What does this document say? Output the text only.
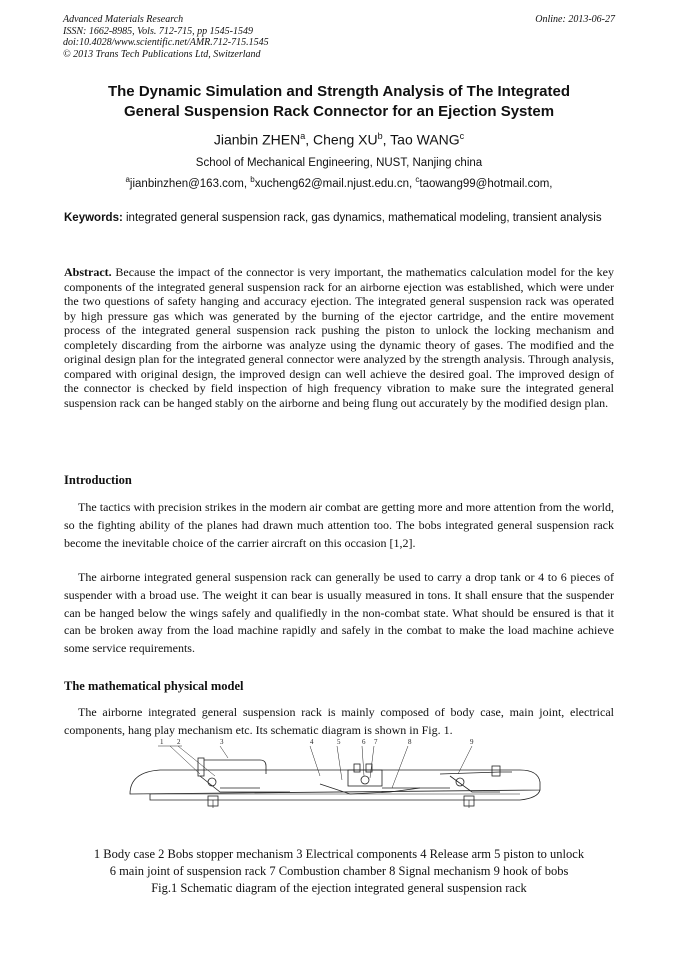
Advanced Materials Research
ISSN: 1662-8985, Vols. 712-715, pp 1545-1549
doi:10.4028/www.scientific.net/AMR.712-715.1545
© 2013 Trans Tech Publications Ltd, Switzerland
Online: 2013-06-27
The Dynamic Simulation and Strength Analysis of The Integrated
General Suspension Rack Connector for an Ejection System
Jianbin ZHEN$^a$, Cheng $XU^b$, Tao WANG$^c$
School of Mechanical Engineering, NUST, Nanjing china
$^a$jianbinzhen@163.com, $^b$xucheng62@mail.njust.edu.cn, $^c$taowang99@hotmail.com,
Keywords: integrated general suspension rack, gas dynamics, mathematical modeling, transient analysis
Abstract. Because the impact of the connector is very important, the mathematics calculation model for the key components of the integrated general suspension rack for an airborne ejection was established, which were under the two questions of safety hanging and accuracy ejection. The integrated general suspension rack was operated by high pressure gas which was generated by the burning of the ejector cartridge, and the entire movement process of the integrated general suspension rack pushing the piston to unlock the locking mechanism and completely discarding from the airborne was analyze using the dynamic theory of gases. The modified and the original design plan for the integrated general connector were analyzed by the strength analysis. Through analysis, compared with original design, the improved design can well achieve the desired goal. The improved design of the connector is checked by field inspection of high frequency vibration to make sure the integrated general suspension rack can be hanged stably on the airborne and being flung out accurately by the modified design plan.
Introduction
The tactics with precision strikes in the modern air combat are getting more and more attention from the world, so the fighting ability of the planes had drawn much attention too. The bobs integrated general suspension rack become the inevitable choice of the carrier aircraft on this occasion [1,2].
The airborne integrated general suspension rack can generally be used to carry a drop tank or 4 to 6 pieces of suspender with a broad use. The weight it can bear is usually measured in tons. It shall ensure that the suspender can be hanged below the wings safely and qualifiedly in the non-combat state. What should be ensured is that it can be broken away from the load machine rapidly and safely in the combat to make the load machine achieve some service requirements.
The mathematical physical model
The airborne integrated general suspension rack is mainly composed of body case, main joint, electrical components, hang play mechanism etc. Its schematic diagram is shown in Fig. 1.
1 2	3	4	5	6 7	8	9
1 Body case 2 Bobs stopper mechanism 3 Electrical components 4 Release arm 5 piston to unlock
6 main joint of suspension rack 7 Combustion chamber 8 Signal mechanism 9 hook of bobs
Fig.1 Schematic diagram of the ejection integrated general suspension rack
